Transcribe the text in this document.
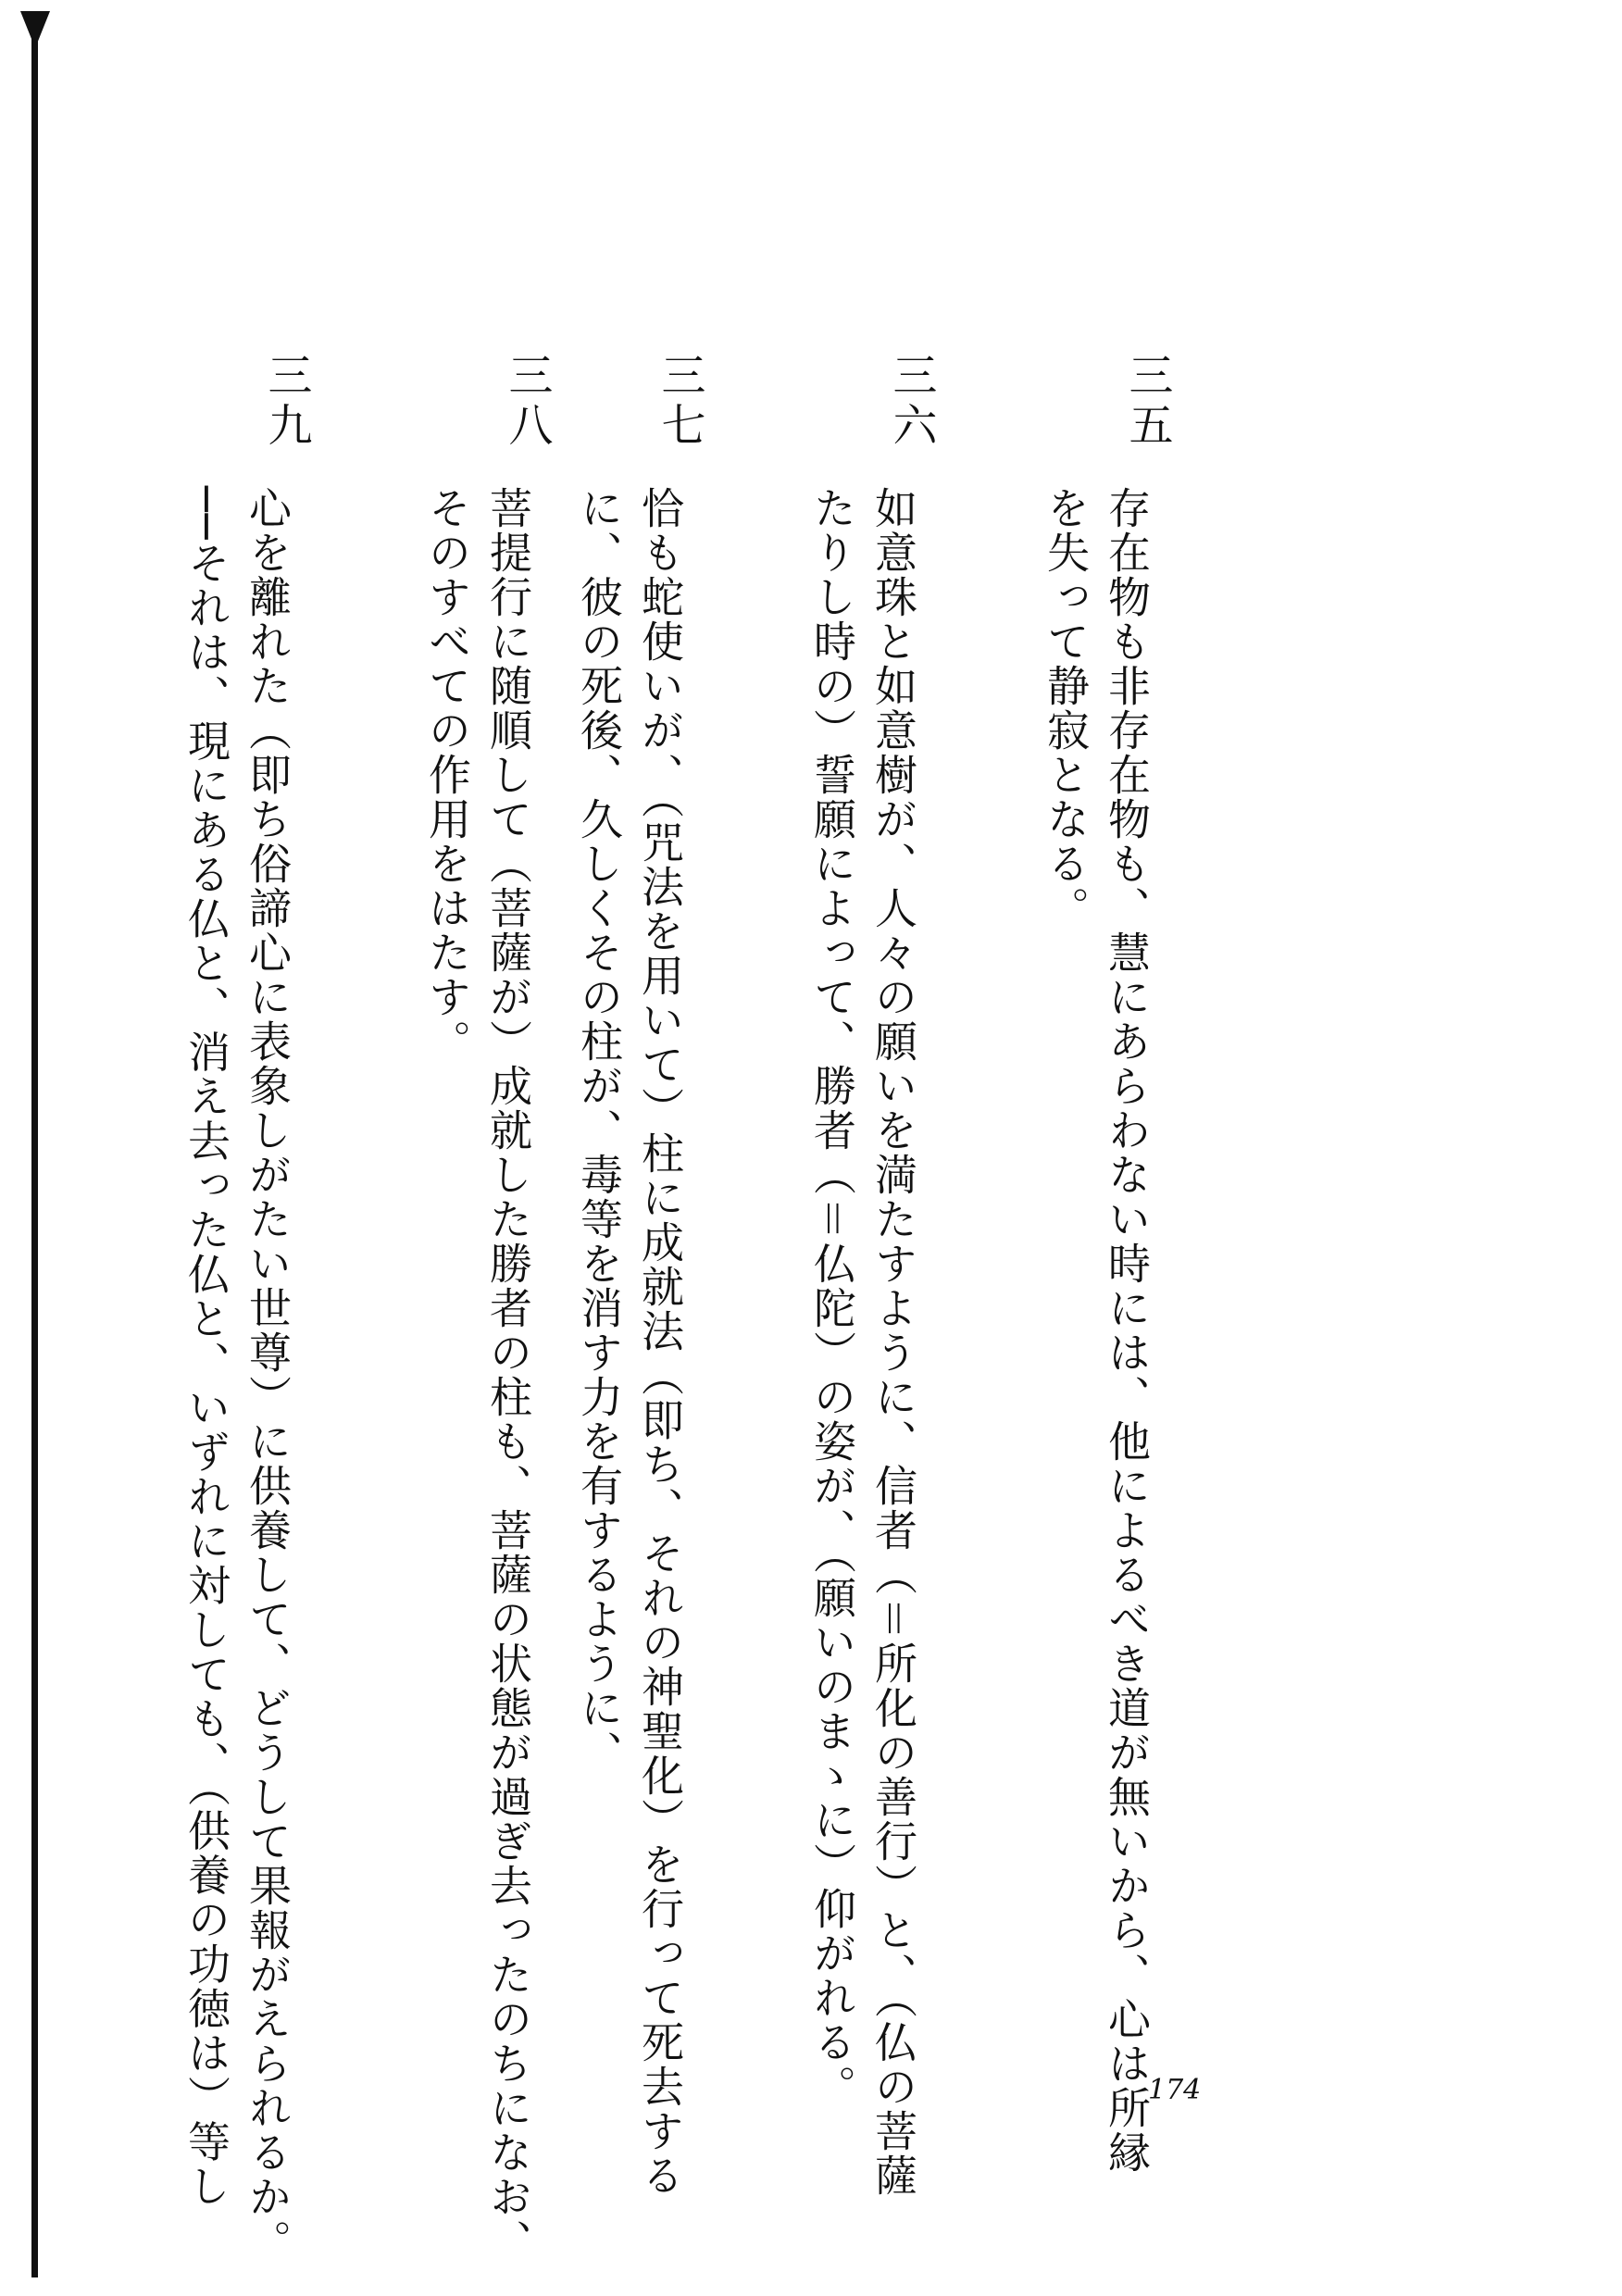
三五
存在物も非存在物も、慧にあらわない時には、他によるべき道が無いから、心は所縁
を失って静寂となる。
三六
如意珠と如意樹が、人々の願いを満たすように、信者（＝所化の善行）と、（仏の菩薩
たりし時の）誓願によって、勝者（＝仏陀）の姿が、（願いのまゝに）仰がれる。
三七
恰も蛇使いが、（咒法を用いて）柱に成就法（即ち、それの神聖化）を行って死去する
に、彼の死後、久しくその柱が、毒等を消す力を有するように、
三八
菩提行に随順して（菩薩が）成就した勝者の柱も、菩薩の状態が過ぎ去ったのちになお、
そのすべての作用をはたす。
三九
心を離れた（即ち俗諦心に表象しがたい世尊）に供養して、どうして果報がえられるか。
──それは、現にある仏と、消え去った仏と、いずれに対しても、（供養の功徳は）等し	174
